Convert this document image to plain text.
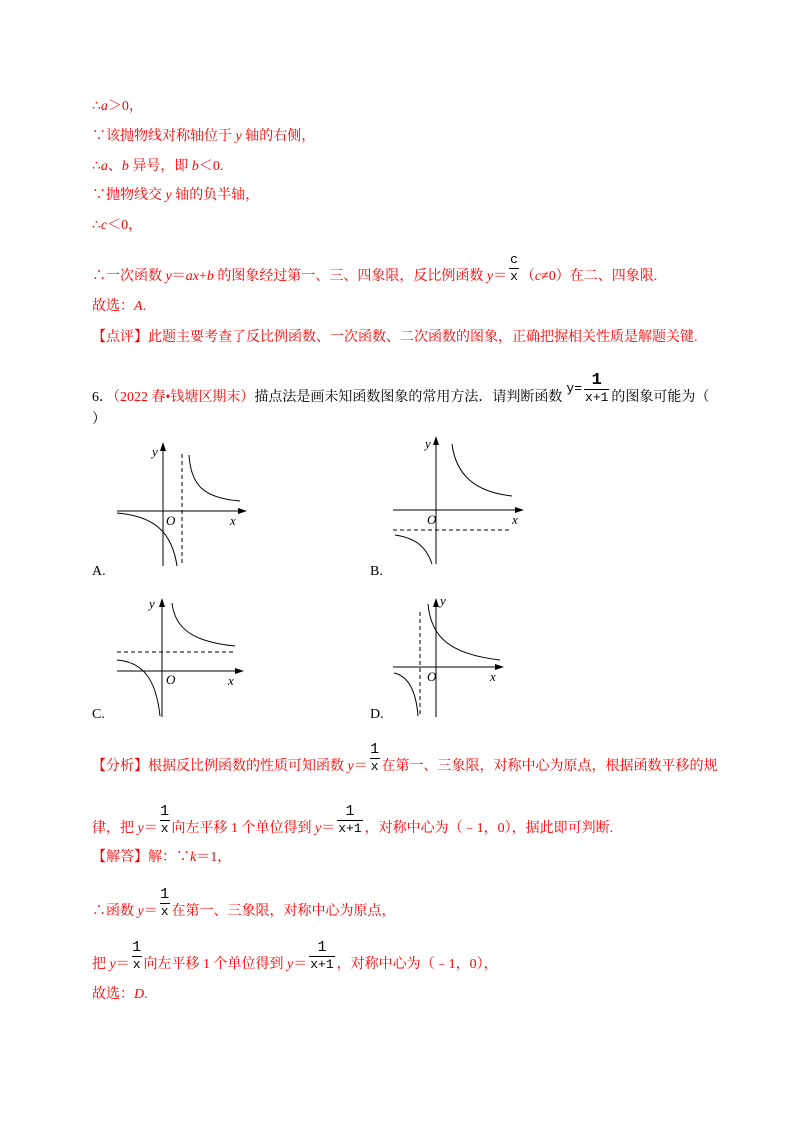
∴a＞0，
∵该抛物线对称轴位于 y 轴的右侧，
∴a、b 异号，即 b＜0.
∵抛物线交 y 轴的负半轴，
∴c＜0，
∴一次函数 y＝ax+b 的图象经过第一、三、四象限，反比例函数 y＝
c
x （c≠0）在二、四象限.
故选：A.
【点评】此题主要考查了反比例函数、一次函数、二次函数的图象，正确把握相关性质是解题关键.
6．（2022 春•钱塘区期末）描点法是画未知函数图象的常用方法．请判断函数y= 1
x+1 的图象可能为（
）
y
O	x
A.
y
O	x
B.
y
O	x
C.
y
O	x
D.
【分析】根据反比例函数的性质可知函数 y＝
1
x 在第一、三象限，对称中心为原点，根据函数平移的规
律，把 y＝
1
x 向左平移 1 个单位得到 y＝
1
x+1 ，对称中心为（﹣1，0），据此即可判断.
【解答】解：∵k＝1，
∴函数 y＝
1
x 在第一、三象限，对称中心为原点，
把 y＝
1
x 向左平移 1 个单位得到 y＝
1
x+1 ，对称中心为（﹣1，0），
故选：D.
